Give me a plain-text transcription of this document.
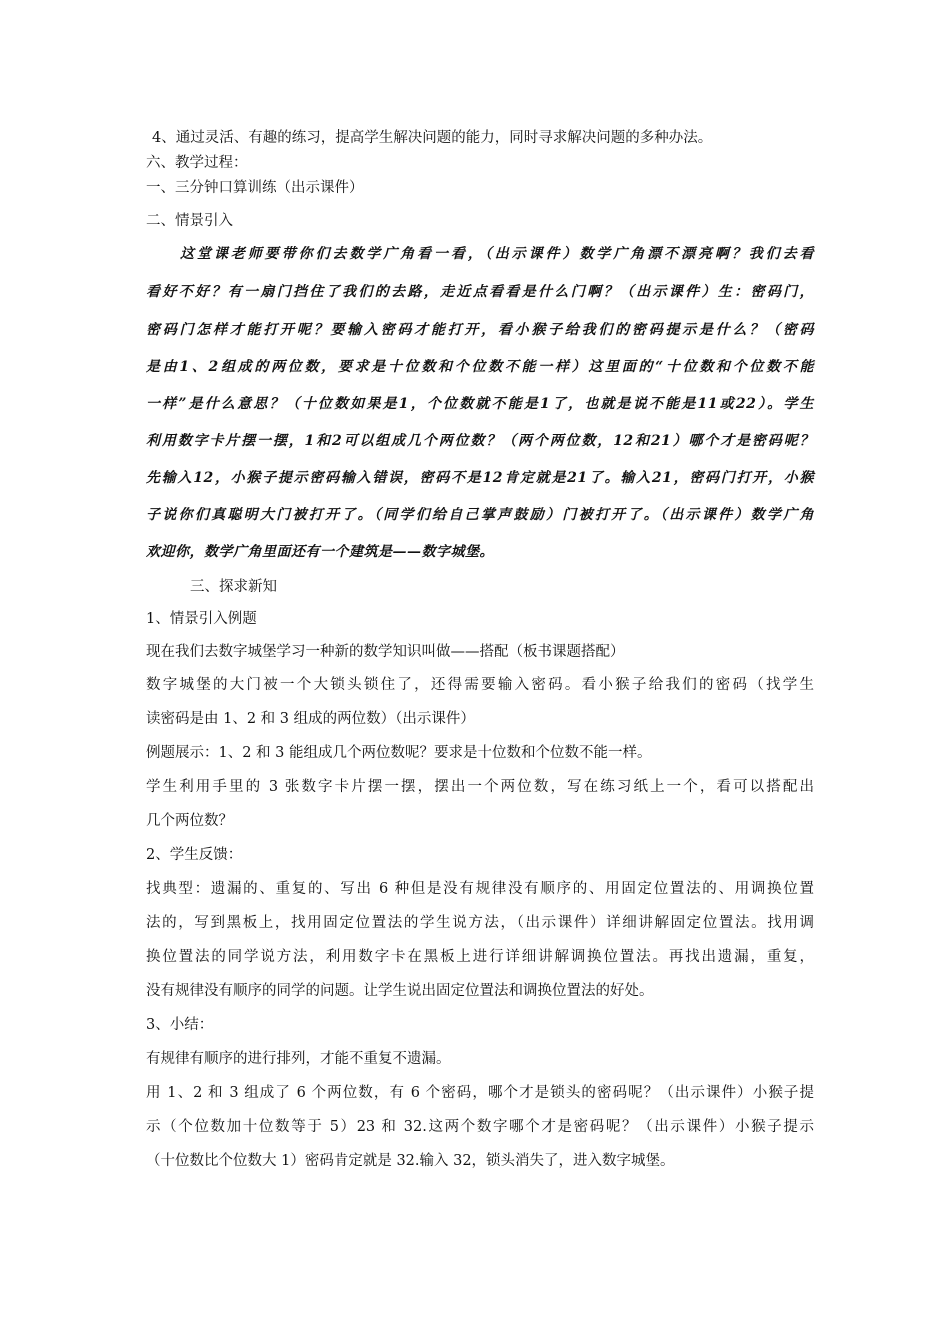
4、通过灵活、有趣的练习，提高学生解决问题的能力，同时寻求解决问题的多种办法。
六、教学过程：
一、三分钟口算训练（出示课件）
二、情景引入
这堂课老师要带你们去数学广角看一看，（出示课件）数学广角漂不漂亮啊？我们去看
看好不好？有一扇门挡住了我们的去路，走近点看看是什么门啊？（出示课件）生：密码门，
密码门怎样才能打开呢？要输入密码才能打开，看小猴子给我们的密码提示是什么？（密码
是由1、2组成的两位数，要求是十位数和个位数不能一样）这里面的“十位数和个位数不能
一样”是什么意思？（十位数如果是1，个位数就不能是1了，也就是说不能是11或22）。学生
利用数字卡片摆一摆，1和2可以组成几个两位数？（两个两位数，12和21）哪个才是密码呢？
先输入12，小猴子提示密码输入错误，密码不是12肯定就是21了。输入21，密码门打开，小猴
子说你们真聪明大门被打开了。（同学们给自己掌声鼓励）门被打开了。（出示课件）数学广角
欢迎你，数学广角里面还有一个建筑是——数字城堡。
三、探求新知
1、情景引入例题
现在我们去数字城堡学习一种新的数学知识叫做——搭配（板书课题搭配）
数字城堡的大门被一个大锁头锁住了，还得需要输入密码。看小猴子给我们的密码（找学生
读密码是由 1、2 和 3 组成的两位数）（出示课件）
例题展示：1、2 和 3 能组成几个两位数呢？要求是十位数和个位数不能一样。
学生利用手里的 3 张数字卡片摆一摆，摆出一个两位数，写在练习纸上一个，看可以搭配出
几个两位数？
2、学生反馈：
找典型：遗漏的、重复的、写出 6 种但是没有规律没有顺序的、用固定位置法的、用调换位置
法的，写到黑板上，找用固定位置法的学生说方法，（出示课件）详细讲解固定位置法。找用调
换位置法的同学说方法，利用数字卡在黑板上进行详细讲解调换位置法。再找出遗漏，重复，
没有规律没有顺序的同学的问题。让学生说出固定位置法和调换位置法的好处。
3、小结：
有规律有顺序的进行排列，才能不重复不遗漏。
用 1、2 和 3 组成了 6 个两位数，有 6 个密码，哪个才是锁头的密码呢？（出示课件）小猴子提
示（个位数加十位数等于 5）23 和 32.这两个数字哪个才是密码呢？（出示课件）小猴子提示
（十位数比个位数大 1）密码肯定就是 32.输入 32，锁头消失了，进入数字城堡。
